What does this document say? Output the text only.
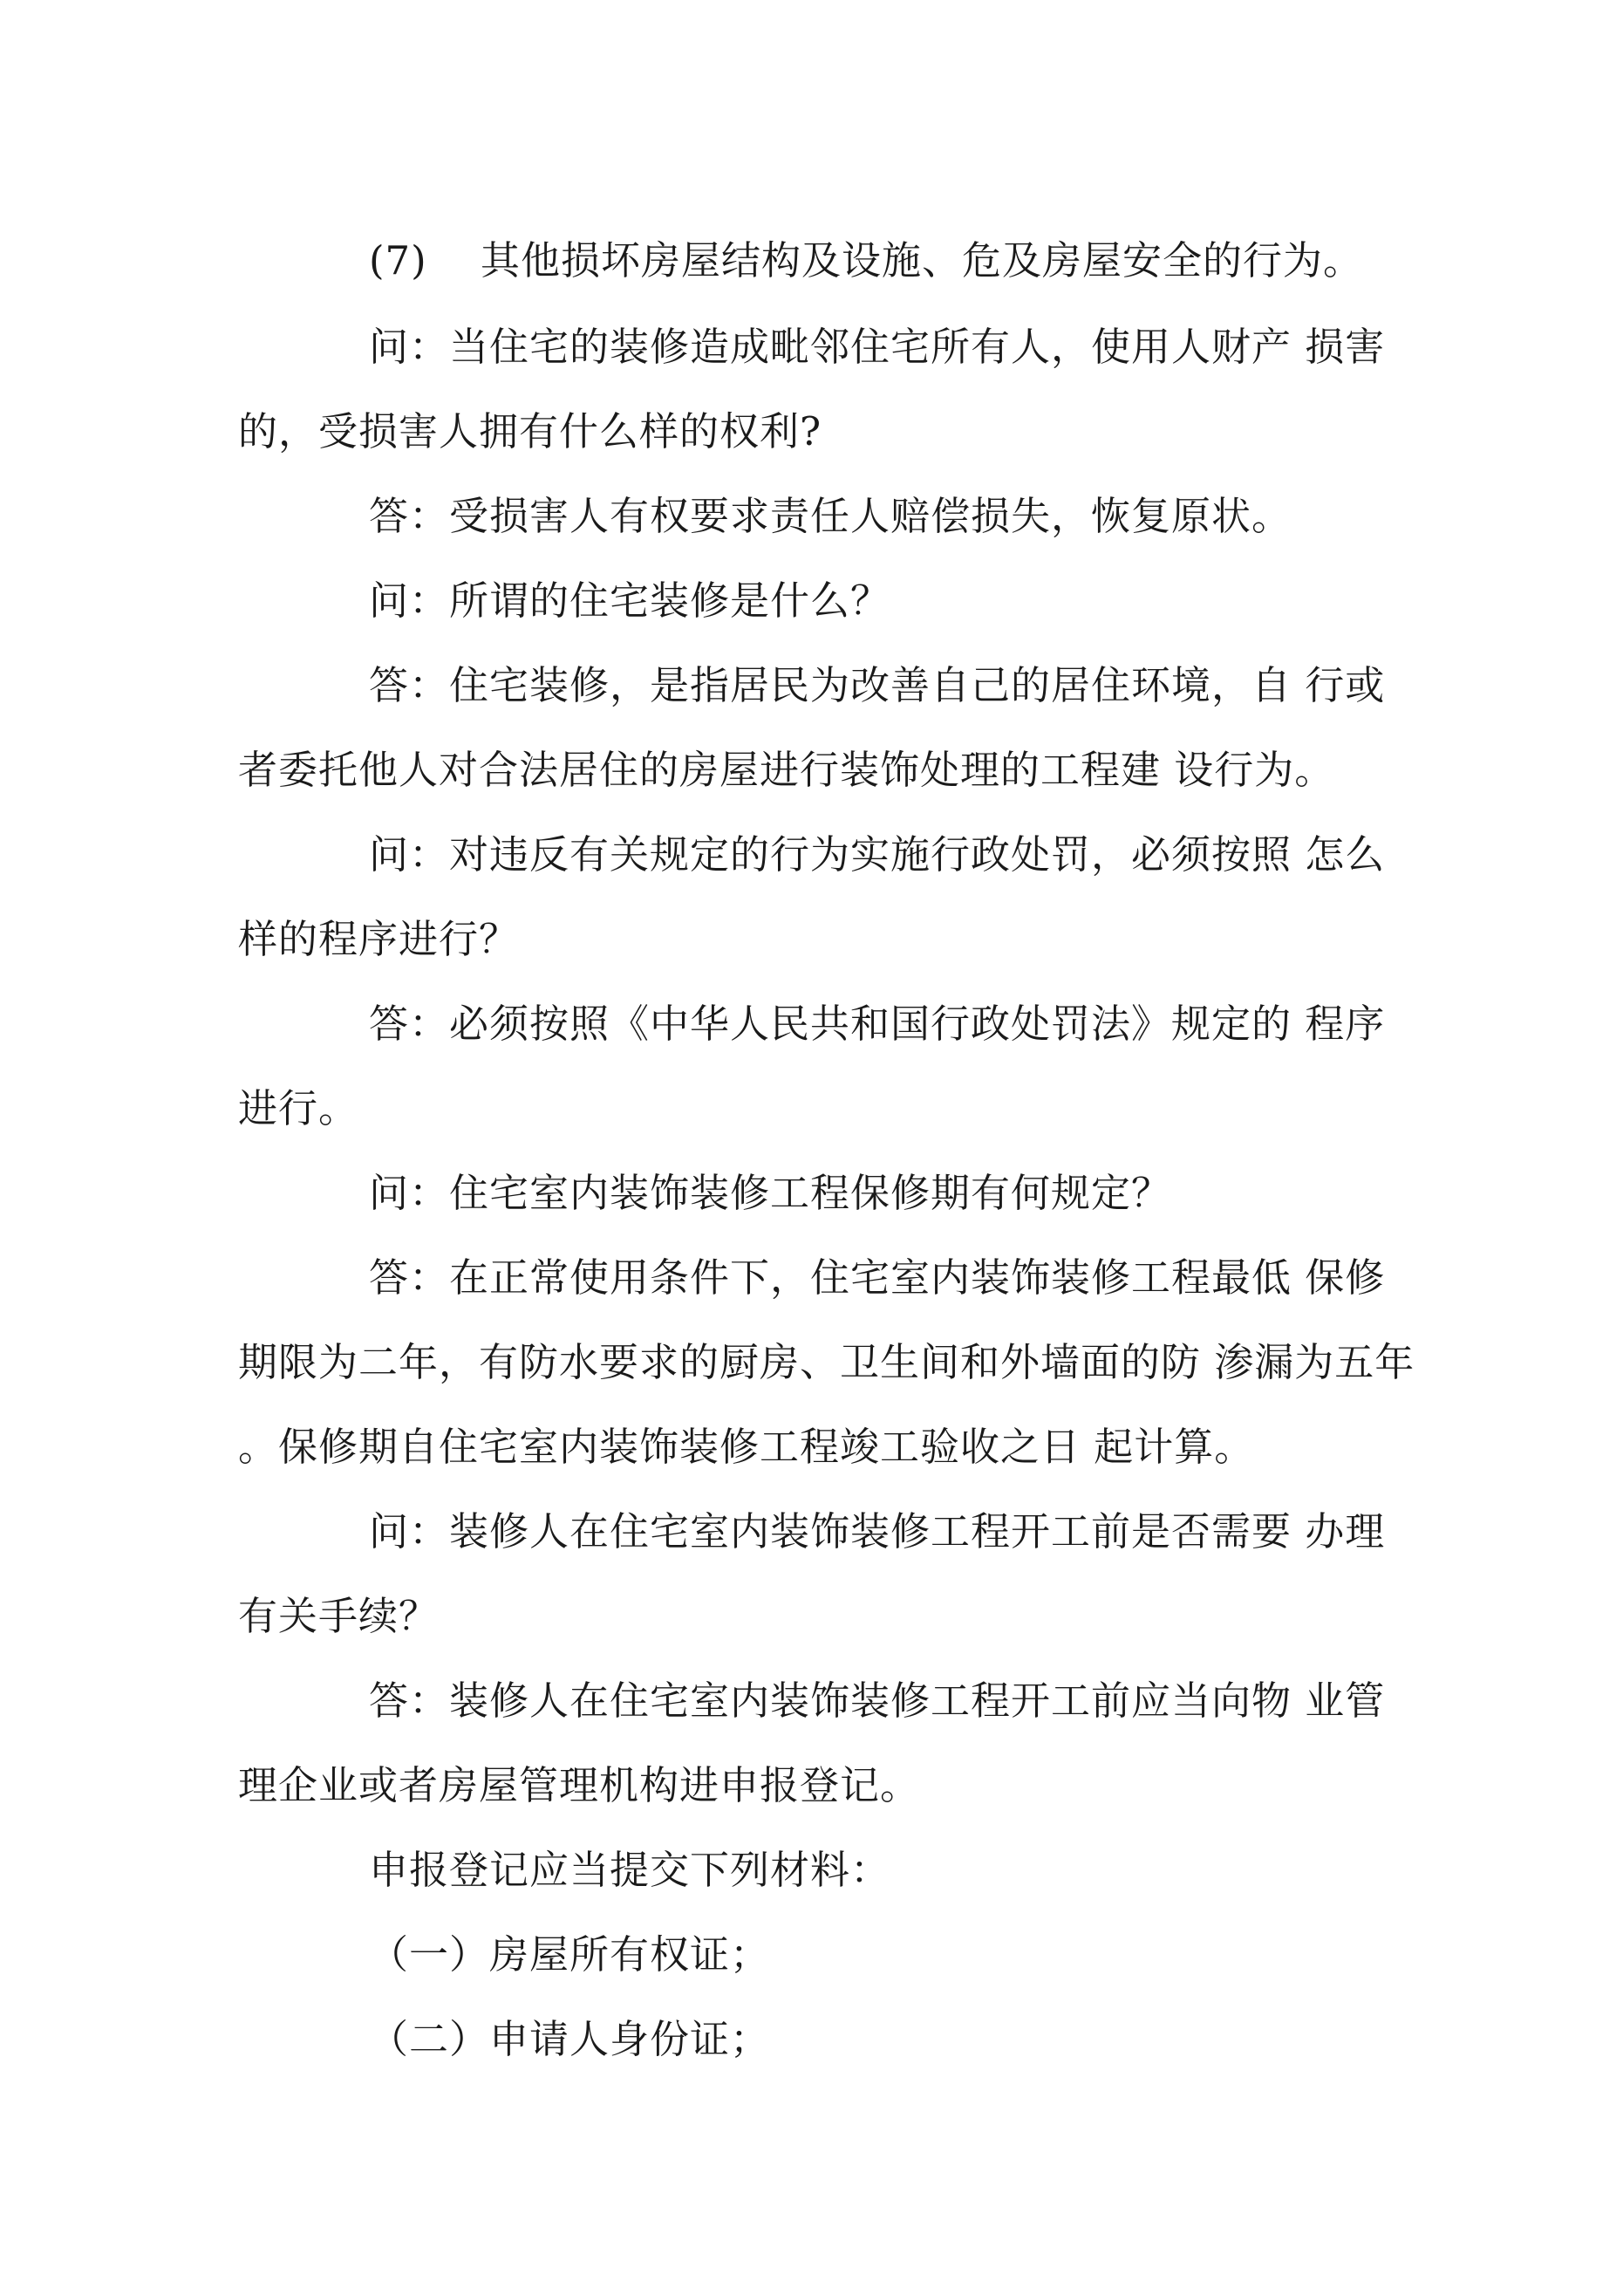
(7)　 其他损坏房屋结构及设施、危及房屋安全的行为。
问：当住宅的装修造成毗邻住宅所有人，使用人财产 损害
的，受损害人拥有什么样的权利?
答：受损害人有权要求责任人赔偿损失，恢复原状。
问：所谓的住宅装修是什么？
答：住宅装修，是指居民为改善自己的居住环境，自 行或
者委托他人对合法居住的房屋进行装饰处理的工程建 设行为。
问：对违反有关规定的行为实施行政处罚，必须按照 怎么
样的程序进行？
答：必须按照《中华人民共和国行政处罚法》规定的 程序
进行。
问：住宅室内装饰装修工程保修期有何规定？
答：在正常使用条件下，住宅室内装饰装修工程最低 保修
期限为二年，有防水要求的厨房、卫生间和外墙面的防 渗漏为五年
。保修期自住宅室内装饰装修工程竣工验收之日 起计算。
问：装修人在住宅室内装饰装修工程开工前是否需要 办理
有关手续？
答：装修人在住宅室内装饰装修工程开工前应当向物 业管
理企业或者房屋管理机构进申报登记。
申报登记应当提交下列材料：
（一）房屋所有权证；
（二）申请人身份证；
